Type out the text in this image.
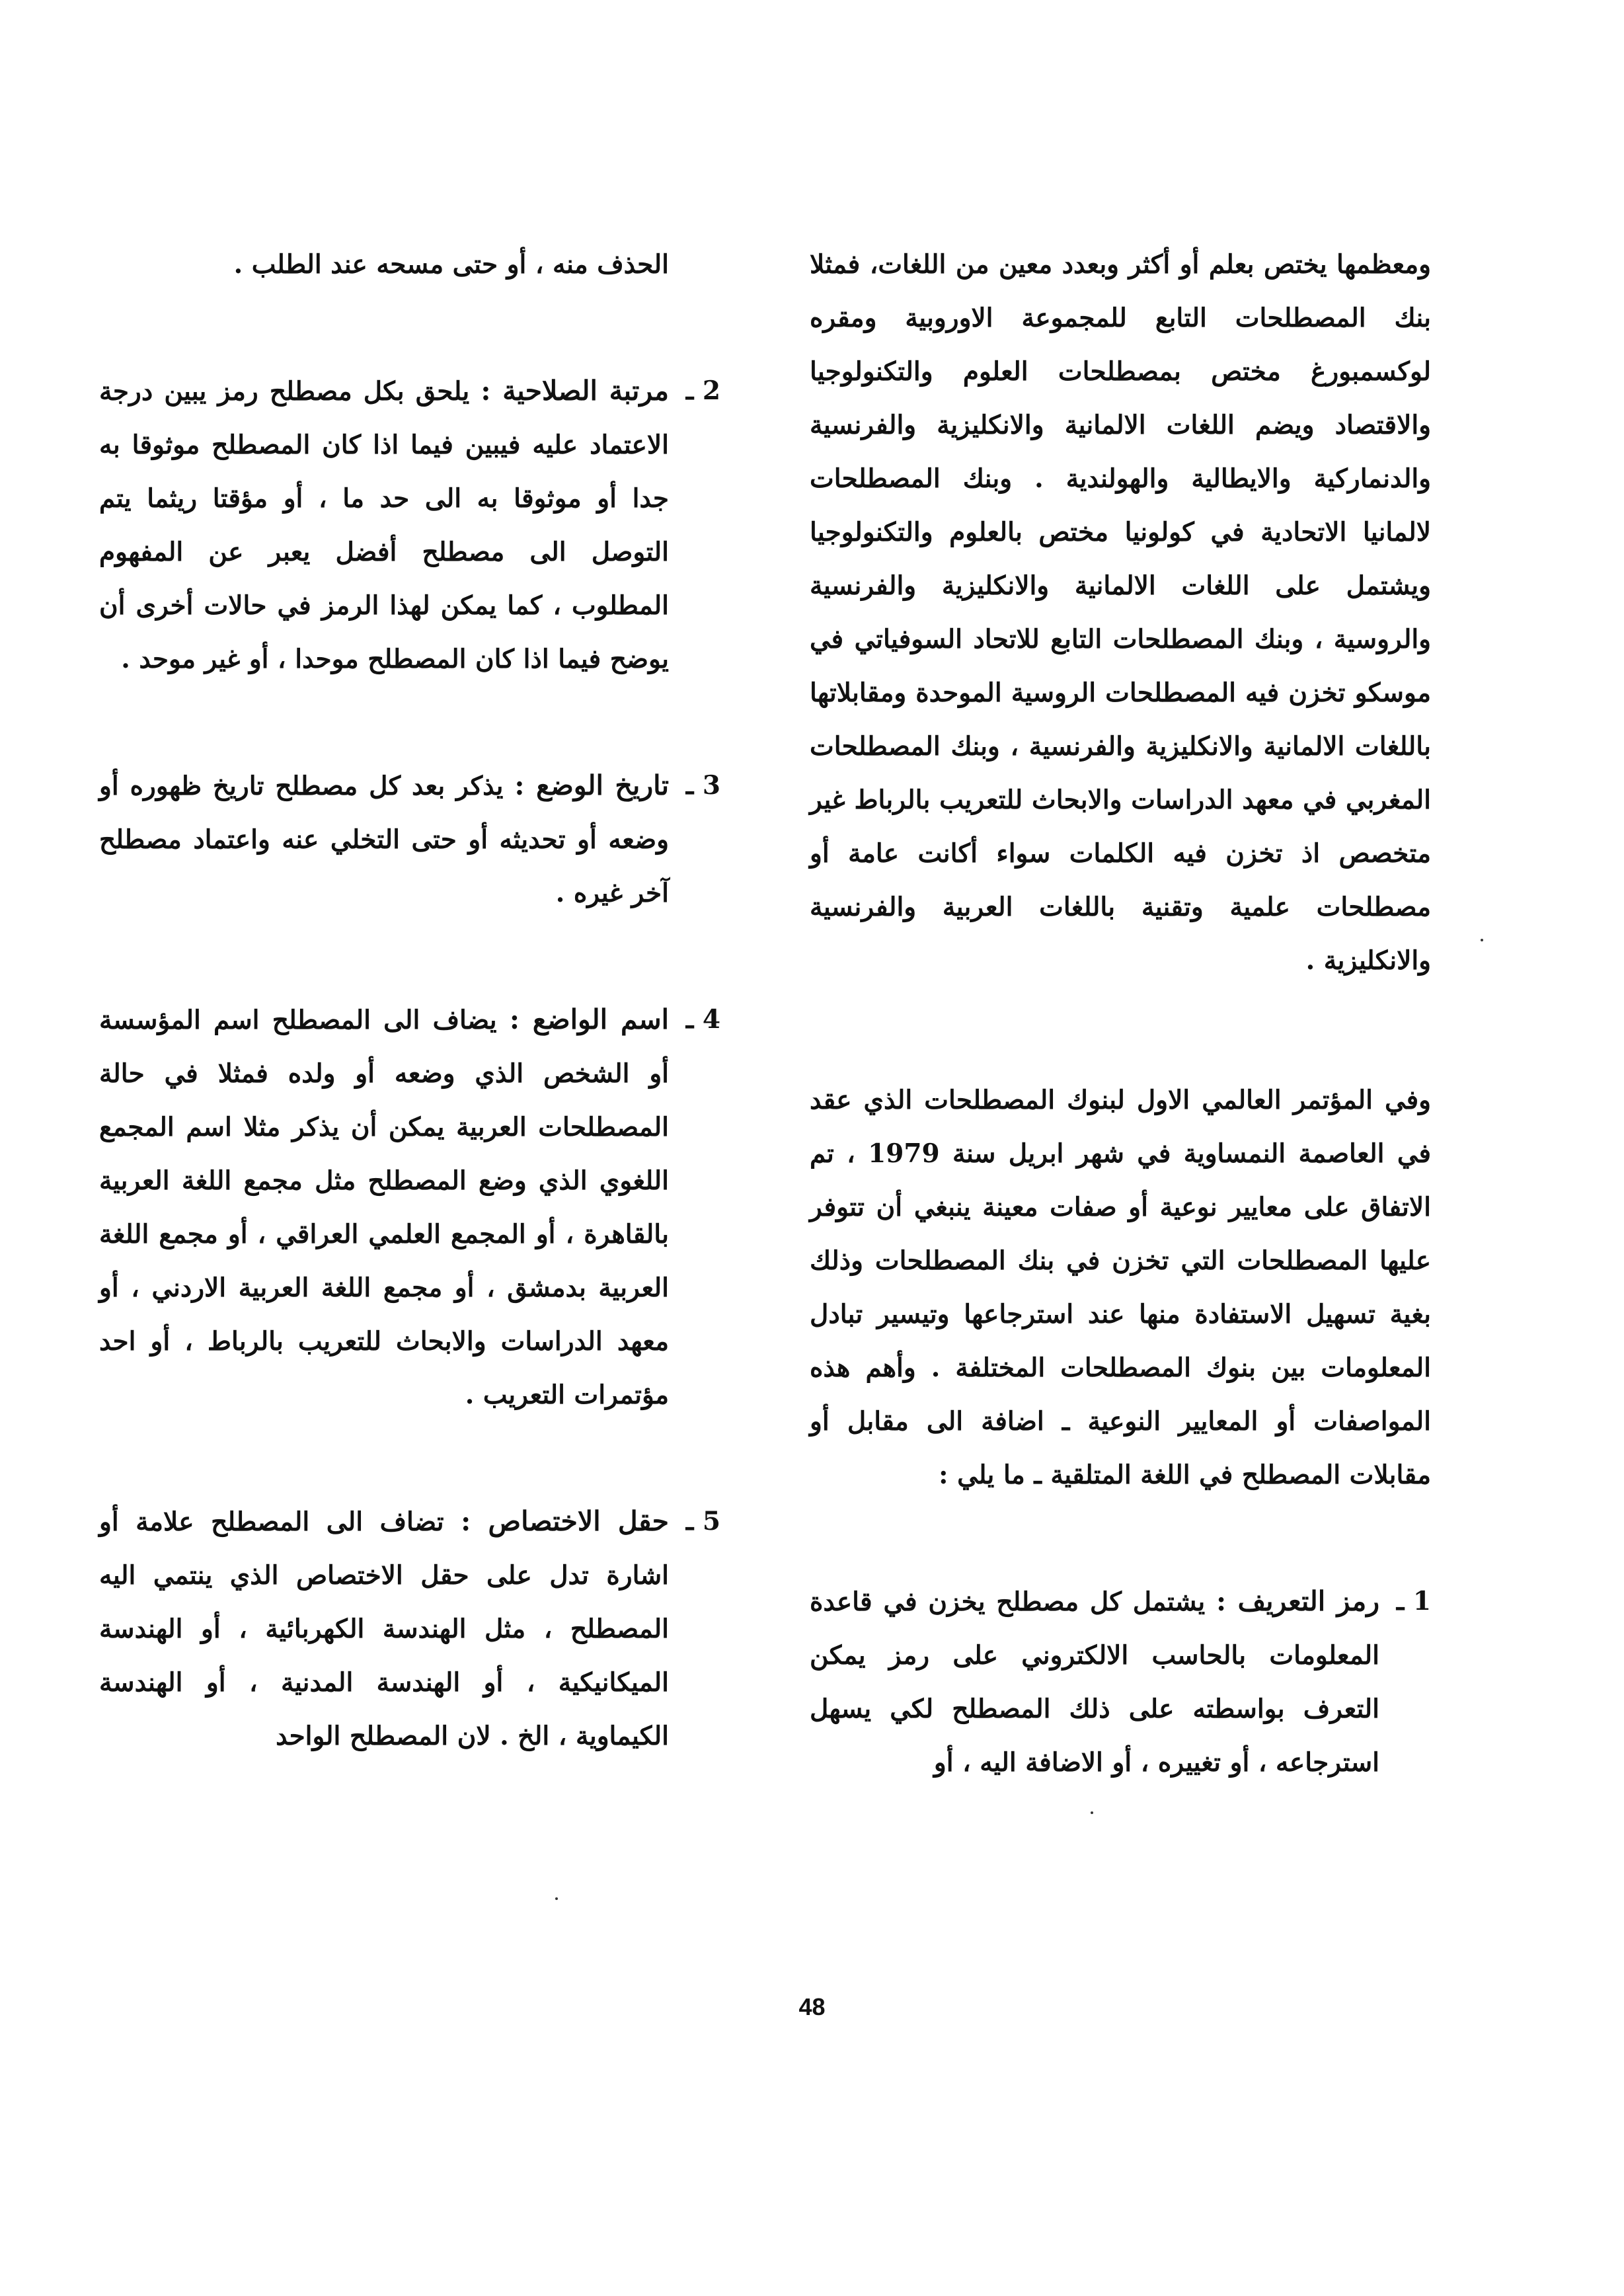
ومعظمها يختص بعلم أو أكثر وبعدد معين من اللغات، فمثلا بنك المصطلحات التابع للمجموعة الاوروبية ومقره لوكسمبورغ مختص بمصطلحات العلوم والتكنولوجيا والاقتصاد ويضم اللغات الالمانية والانكليزية والفرنسية والدنماركية والايطالية والهولندية . وبنك المصطلحات لالمانيا الاتحادية في كولونيا مختص بالعلوم والتكنولوجيا ويشتمل على اللغات الالمانية والانكليزية والفرنسية والروسية ، وبنك المصطلحات التابع للاتحاد السوفياتي في موسكو تخزن فيه المصطلحات الروسية الموحدة ومقابلاتها باللغات الالمانية والانكليزية والفرنسية ، وبنك المصطلحات المغربي في معهد الدراسات والابحاث للتعريب بالرباط غير متخصص اذ تخزن فيه الكلمات سواء أكانت عامة أو مصطلحات علمية وتقنية باللغات العربية والفرنسية والانكليزية .

وفي المؤتمر العالمي الاول لبنوك المصطلحات الذي عقد في العاصمة النمساوية في شهر ابريل سنة 1979 ، تم الاتفاق على معايير نوعية أو صفات معينة ينبغي أن تتوفر عليها المصطلحات التي تخزن في بنك المصطلحات وذلك بغية تسهيل الاستفادة منها عند استرجاعها وتيسير تبادل المعلومات بين بنوك المصطلحات المختلفة . وأهم هذه المواصفات أو المعايير النوعية ـ اضافة الى مقابل أو مقابلات المصطلح في اللغة المتلقية ـ ما يلي :

1 ـ
رمز التعريف : يشتمل كل مصطلح يخزن في قاعدة المعلومات بالحاسب الالكتروني على رمز يمكن التعرف بواسطته على ذلك المصطلح لكي يسهل استرجاعه ، أو تغييره ، أو الاضافة اليه ، أو

الحذف منه ، أو حتى مسحه عند الطلب .

2 ـ
مرتبة الصلاحية : يلحق بكل مصطلح رمز يبين درجة الاعتماد عليه فيبين فيما اذا كان المصطلح موثوقا به جدا أو موثوقا به الى حد ما ، أو مؤقتا ريثما يتم التوصل الى مصطلح أفضل يعبر عن المفهوم المطلوب ، كما يمكن لهذا الرمز في حالات أخرى أن يوضح فيما اذا كان المصطلح موحدا ، أو غير موحد .

3 ـ
تاريخ الوضع : يذكر بعد كل مصطلح تاريخ ظهوره أو وضعه أو تحديثه أو حتى التخلي عنه واعتماد مصطلح آخر غيره .

4 ـ
اسم الواضع : يضاف الى المصطلح اسم المؤسسة أو الشخص الذي وضعه أو ولده فمثلا في حالة المصطلحات العربية يمكن أن يذكر مثلا اسم المجمع اللغوي الذي وضع المصطلح مثل مجمع اللغة العربية بالقاهرة ، أو المجمع العلمي العراقي ، أو مجمع اللغة العربية بدمشق ، أو مجمع اللغة العربية الاردني ، أو معهد الدراسات والابحاث للتعريب بالرباط ، أو احد مؤتمرات التعريب .

5 ـ
حقل الاختصاص : تضاف الى المصطلح علامة أو اشارة تدل على حقل الاختصاص الذي ينتمي اليه المصطلح ، مثل الهندسة الكهربائية ، أو الهندسة الميكانيكية ، أو الهندسة المدنية ، أو الهندسة الكيماوية ، الخ . لان المصطلح الواحد

48
